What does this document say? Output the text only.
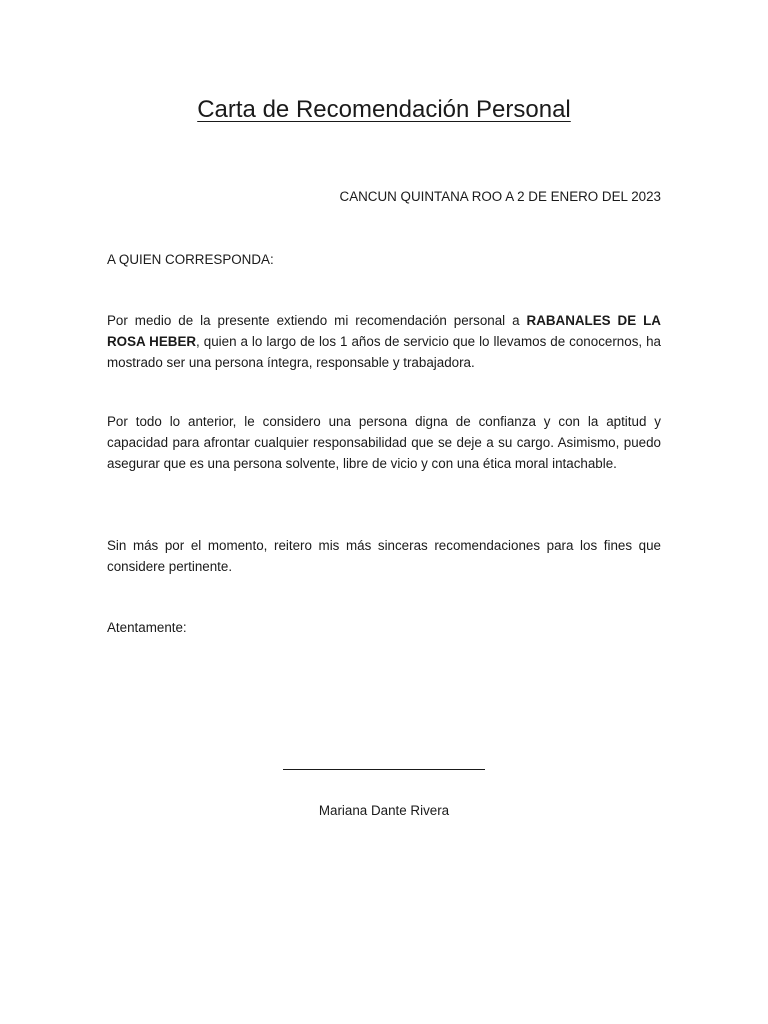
Carta de Recomendación Personal
CANCUN QUINTANA ROO A 2 DE ENERO DEL 2023
A QUIEN CORRESPONDA:
Por medio de la presente extiendo mi recomendación personal a RABANALES DE LA ROSA HEBER, quien a lo largo de los 1 años de servicio que lo llevamos de conocernos, ha mostrado ser una persona íntegra, responsable y trabajadora.
Por todo lo anterior, le considero una persona digna de confianza y con la aptitud y capacidad para afrontar cualquier responsabilidad que se deje a su cargo. Asimismo, puedo asegurar que es una persona solvente, libre de vicio y con una ética moral intachable.
Sin más por el momento, reitero mis más sinceras recomendaciones para los fines que considere pertinente.
Atentamente:
Mariana Dante Rivera
